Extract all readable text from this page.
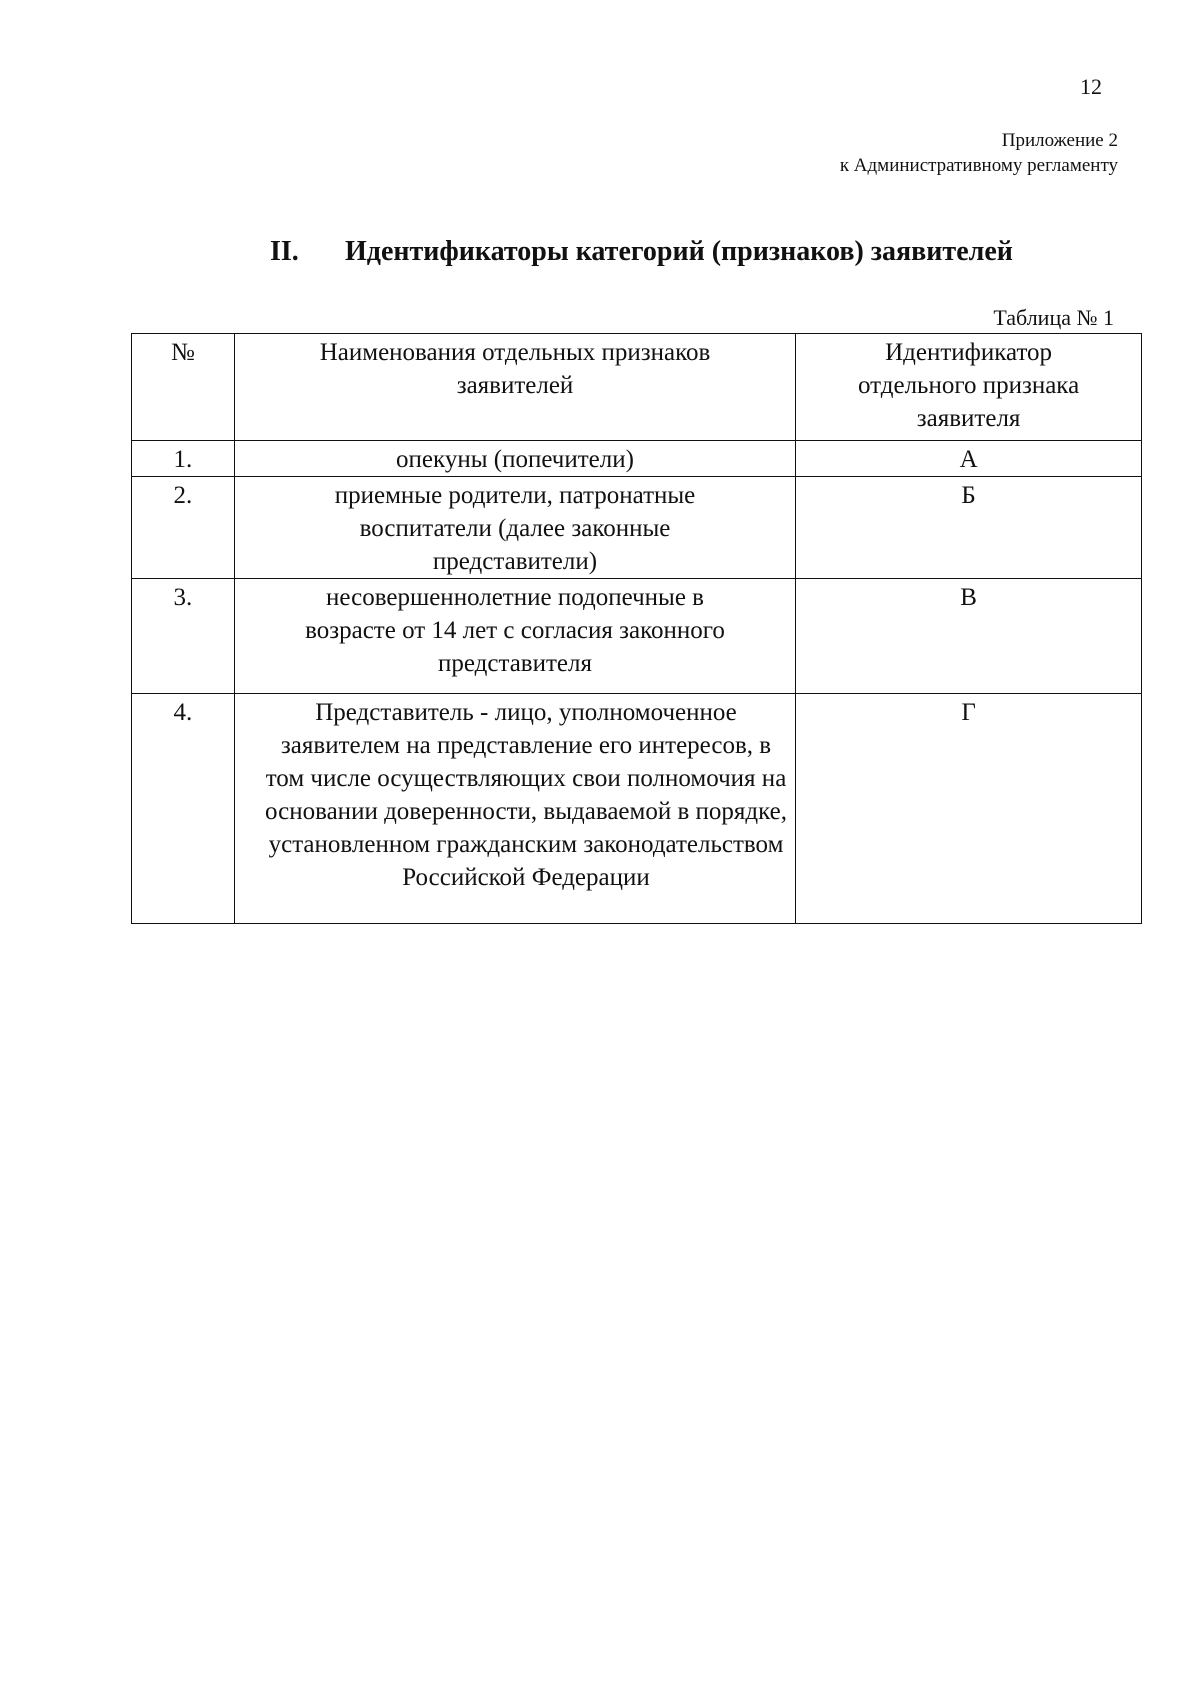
12
Приложение 2
к Административному регламенту
II. Идентификаторы категорий (признаков) заявителей
Таблица № 1
№	Наименования отдельных признаков заявителей	Идентификатор отдельного признака заявителя
1.	опекуны (попечители)	А
2.	приемные родители, патронатные воспитатели (далее законные представители)	Б
3.	несовершеннолетние подопечные в возрасте от 14 лет с согласия законного представителя	В
4.	Представитель - лицо, уполномоченное заявителем на представление его интересов, в том числе осуществляющих свои полномочия на основании доверенности, выдаваемой в порядке, установленном гражданским законодательством Российской Федерации	Г
